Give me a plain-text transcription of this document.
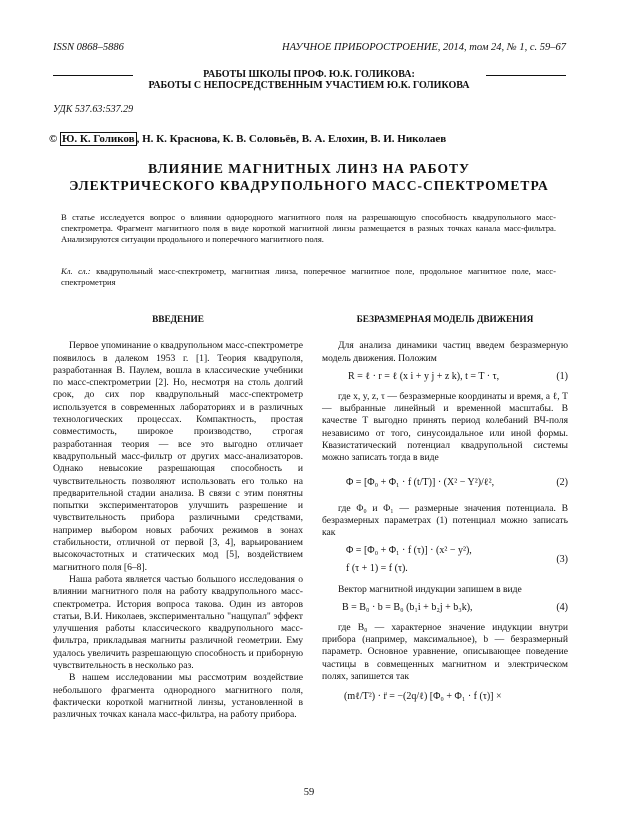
ISSN 0868–5886	НАУЧНОЕ ПРИБОРОСТРОЕНИЕ, 2014, том 24, № 1, с. 59–67
РАБОТЫ ШКОЛЫ ПРОФ. Ю.К. ГОЛИКОВА:
РАБОТЫ С НЕПОСРЕДСТВЕННЫМ УЧАСТИЕМ Ю.К. ГОЛИКОВА
УДК 537.63:537.29
© Ю. К. Голиков , Н. К. Краснова, К. В. Соловьёв, В. А. Елохин, В. И. Николаев
ВЛИЯНИЕ МАГНИТНЫХ ЛИНЗ НА РАБОТУ
ЭЛЕКТРИЧЕСКОГО КВАДРУПОЛЬНОГО МАСС-СПЕКТРОМЕТРА
В статье исследуется вопрос о влиянии однородного магнитного поля на разрешающую способность квадрупольного масс-спектрометра. Фрагмент магнитного поля в виде короткой магнитной линзы размещается в разных точках канала масс-фильтра. Анализируются ситуации продольного и поперечного магнитного поля.
Кл. сл.: квадрупольный масс-спектрометр, магнитная линза, поперечное магнитное поле, продольное магнитное поле, масс-спектрометрия
ВВЕДЕНИЕ

Первое упоминание о квадрупольном масс-спектрометре появилось в далеком 1953 г. [1]. Теория квадруполя, разработанная В. Паулем, вошла в классические учебники по масс-спектрометрии [2]. Но, несмотря на столь долгий срок, до сих пор квадрупольный масс-спектрометр используется в современных лабораториях и в различных технологических процессах. Компактность, простая совместимость, широкое производство, строгая разработанная теория — все это выгодно отличает квадрупольный масс-фильтр от других масс-анализаторов. Однако невысокие разрешающая способность и чувствительность позволяют использовать его только на предварительной стадии анализа. В связи с этим понятны попытки экспериментаторов улучшить разрешение и чувствительность прибора различными средствами, например выбором новых рабочих режимов в зонах стабильности, отличной от первой [3, 4], варьированием высокочастотных и статических мод [5], воздействием магнитного поля [6–8].

Наша работа является частью большого исследования о влиянии магнитного поля на работу квадрупольного масс-спектрометра. История вопроса такова. Один из авторов статьи, В.И. Николаев, экспериментально "нащупал" эффект улучшения работы классического квадрупольного масс-фильтра, прикладывая магниты различной геометрии. Ему удалось увеличить разрешающую способность и приборную чувствительность в несколько раз.

В нашем исследовании мы рассмотрим воздействие небольшого фрагмента однородного магнитного поля, фактически короткой магнитной линзы, установленной в различных точках канала масс-фильтра, на работу прибора.

БЕЗРАЗМЕРНАЯ МОДЕЛЬ ДВИЖЕНИЯ

Для анализа динамики частиц введем безразмерную модель движения. Положим

R = ℓ · r = ℓ (x i + y j + z k), t = T · τ,	(1)

где x, y, z, τ — безразмерные координаты и время, а ℓ, T — выбранные линейный и временной масштабы. В качестве T выгодно принять период колебаний ВЧ-поля независимо от того, синусоидальное или иной формы. Квазистатический потенциал квадрупольной системы можно записать тогда в виде

Φ = [Φ₀ + Φ₁ · f (t/T)] · (X² − Y²)/ℓ²,	(2)

где Φ₀ и Φ₁ — размерные значения потенциала. В безразмерных параметрах (1) потенциал можно записать как

Φ = [Φ₀ + Φ₁ · f (τ)] · (x² − y²),
f (τ + 1) = f (τ).
(3)

Вектор магнитной индукции запишем в виде

B = B₀ · b = B₀ (b₁i + b₂j + b₃k),	(4)

где B₀ — характерное значение индукции внутри прибора (например, максимальное), b — безразмерный параметр. Основное уравнение, описывающее поведение частицы в совмещенных магнитном и электрическом полях, запишется так

(mℓ/T²) · r̈ = −(2q/ℓ) [Φ₀ + Φ₁ · f (τ)] ×
59
